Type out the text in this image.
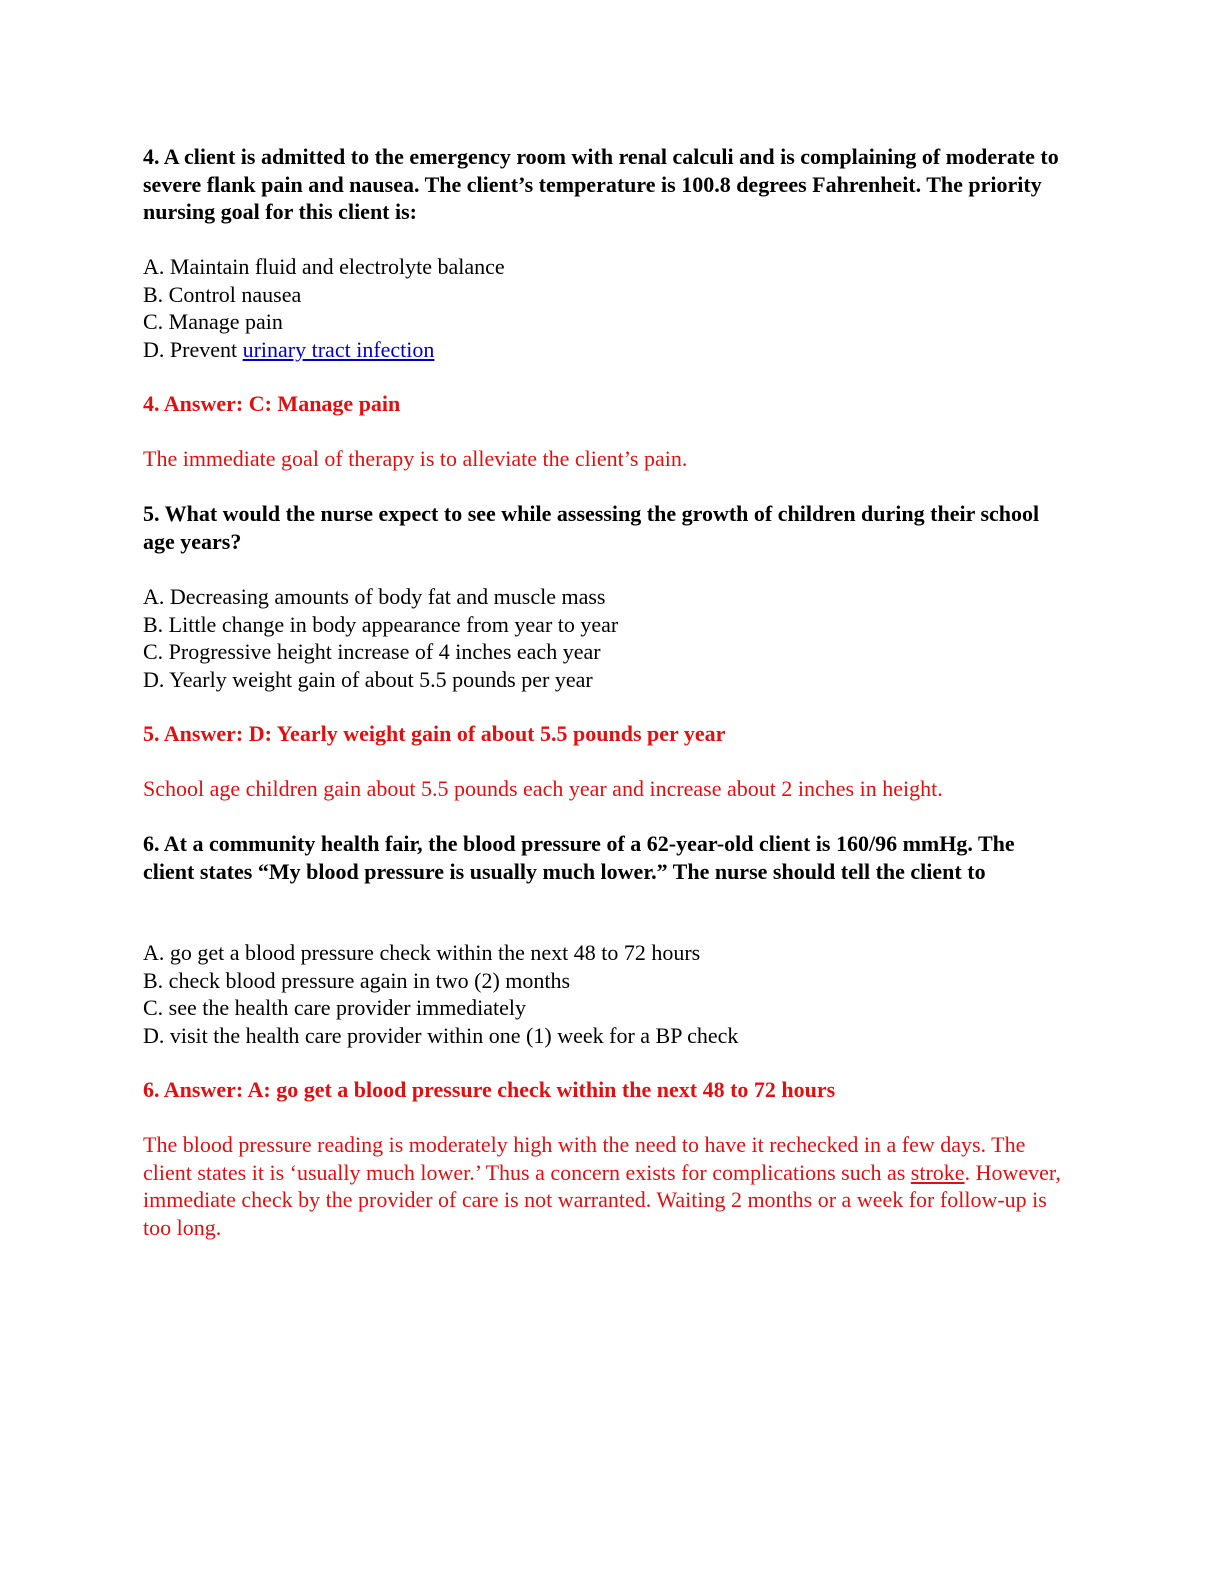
4. A client is admitted to the emergency room with renal calculi and is complaining of moderate to severe flank pain and nausea. The client’s temperature is 100.8 degrees Fahrenheit. The priority nursing goal for this client is:

A. Maintain fluid and electrolyte balance
B. Control nausea
C. Manage pain
D. Prevent urinary tract infection

4. Answer: C: Manage pain

The immediate goal of therapy is to alleviate the client’s pain.

5. What would the nurse expect to see while assessing the growth of children during their school age years?

A. Decreasing amounts of body fat and muscle mass
B. Little change in body appearance from year to year
C. Progressive height increase of 4 inches each year
D. Yearly weight gain of about 5.5 pounds per year

5. Answer: D: Yearly weight gain of about 5.5 pounds per year

School age children gain about 5.5 pounds each year and increase about 2 inches in height.

6. At a community health fair, the blood pressure of a 62-year-old client is 160/96 mmHg. The client states “My blood pressure is usually much lower.” The nurse should tell the client to

A. go get a blood pressure check within the next 48 to 72 hours
B. check blood pressure again in two (2) months
C. see the health care provider immediately
D. visit the health care provider within one (1) week for a BP check

6. Answer: A: go get a blood pressure check within the next 48 to 72 hours

The blood pressure reading is moderately high with the need to have it rechecked in a few days. The client states it is ‘usually much lower.’ Thus a concern exists for complications such as stroke. However, immediate check by the provider of care is not warranted. Waiting 2 months or a week for follow-up is too long.
